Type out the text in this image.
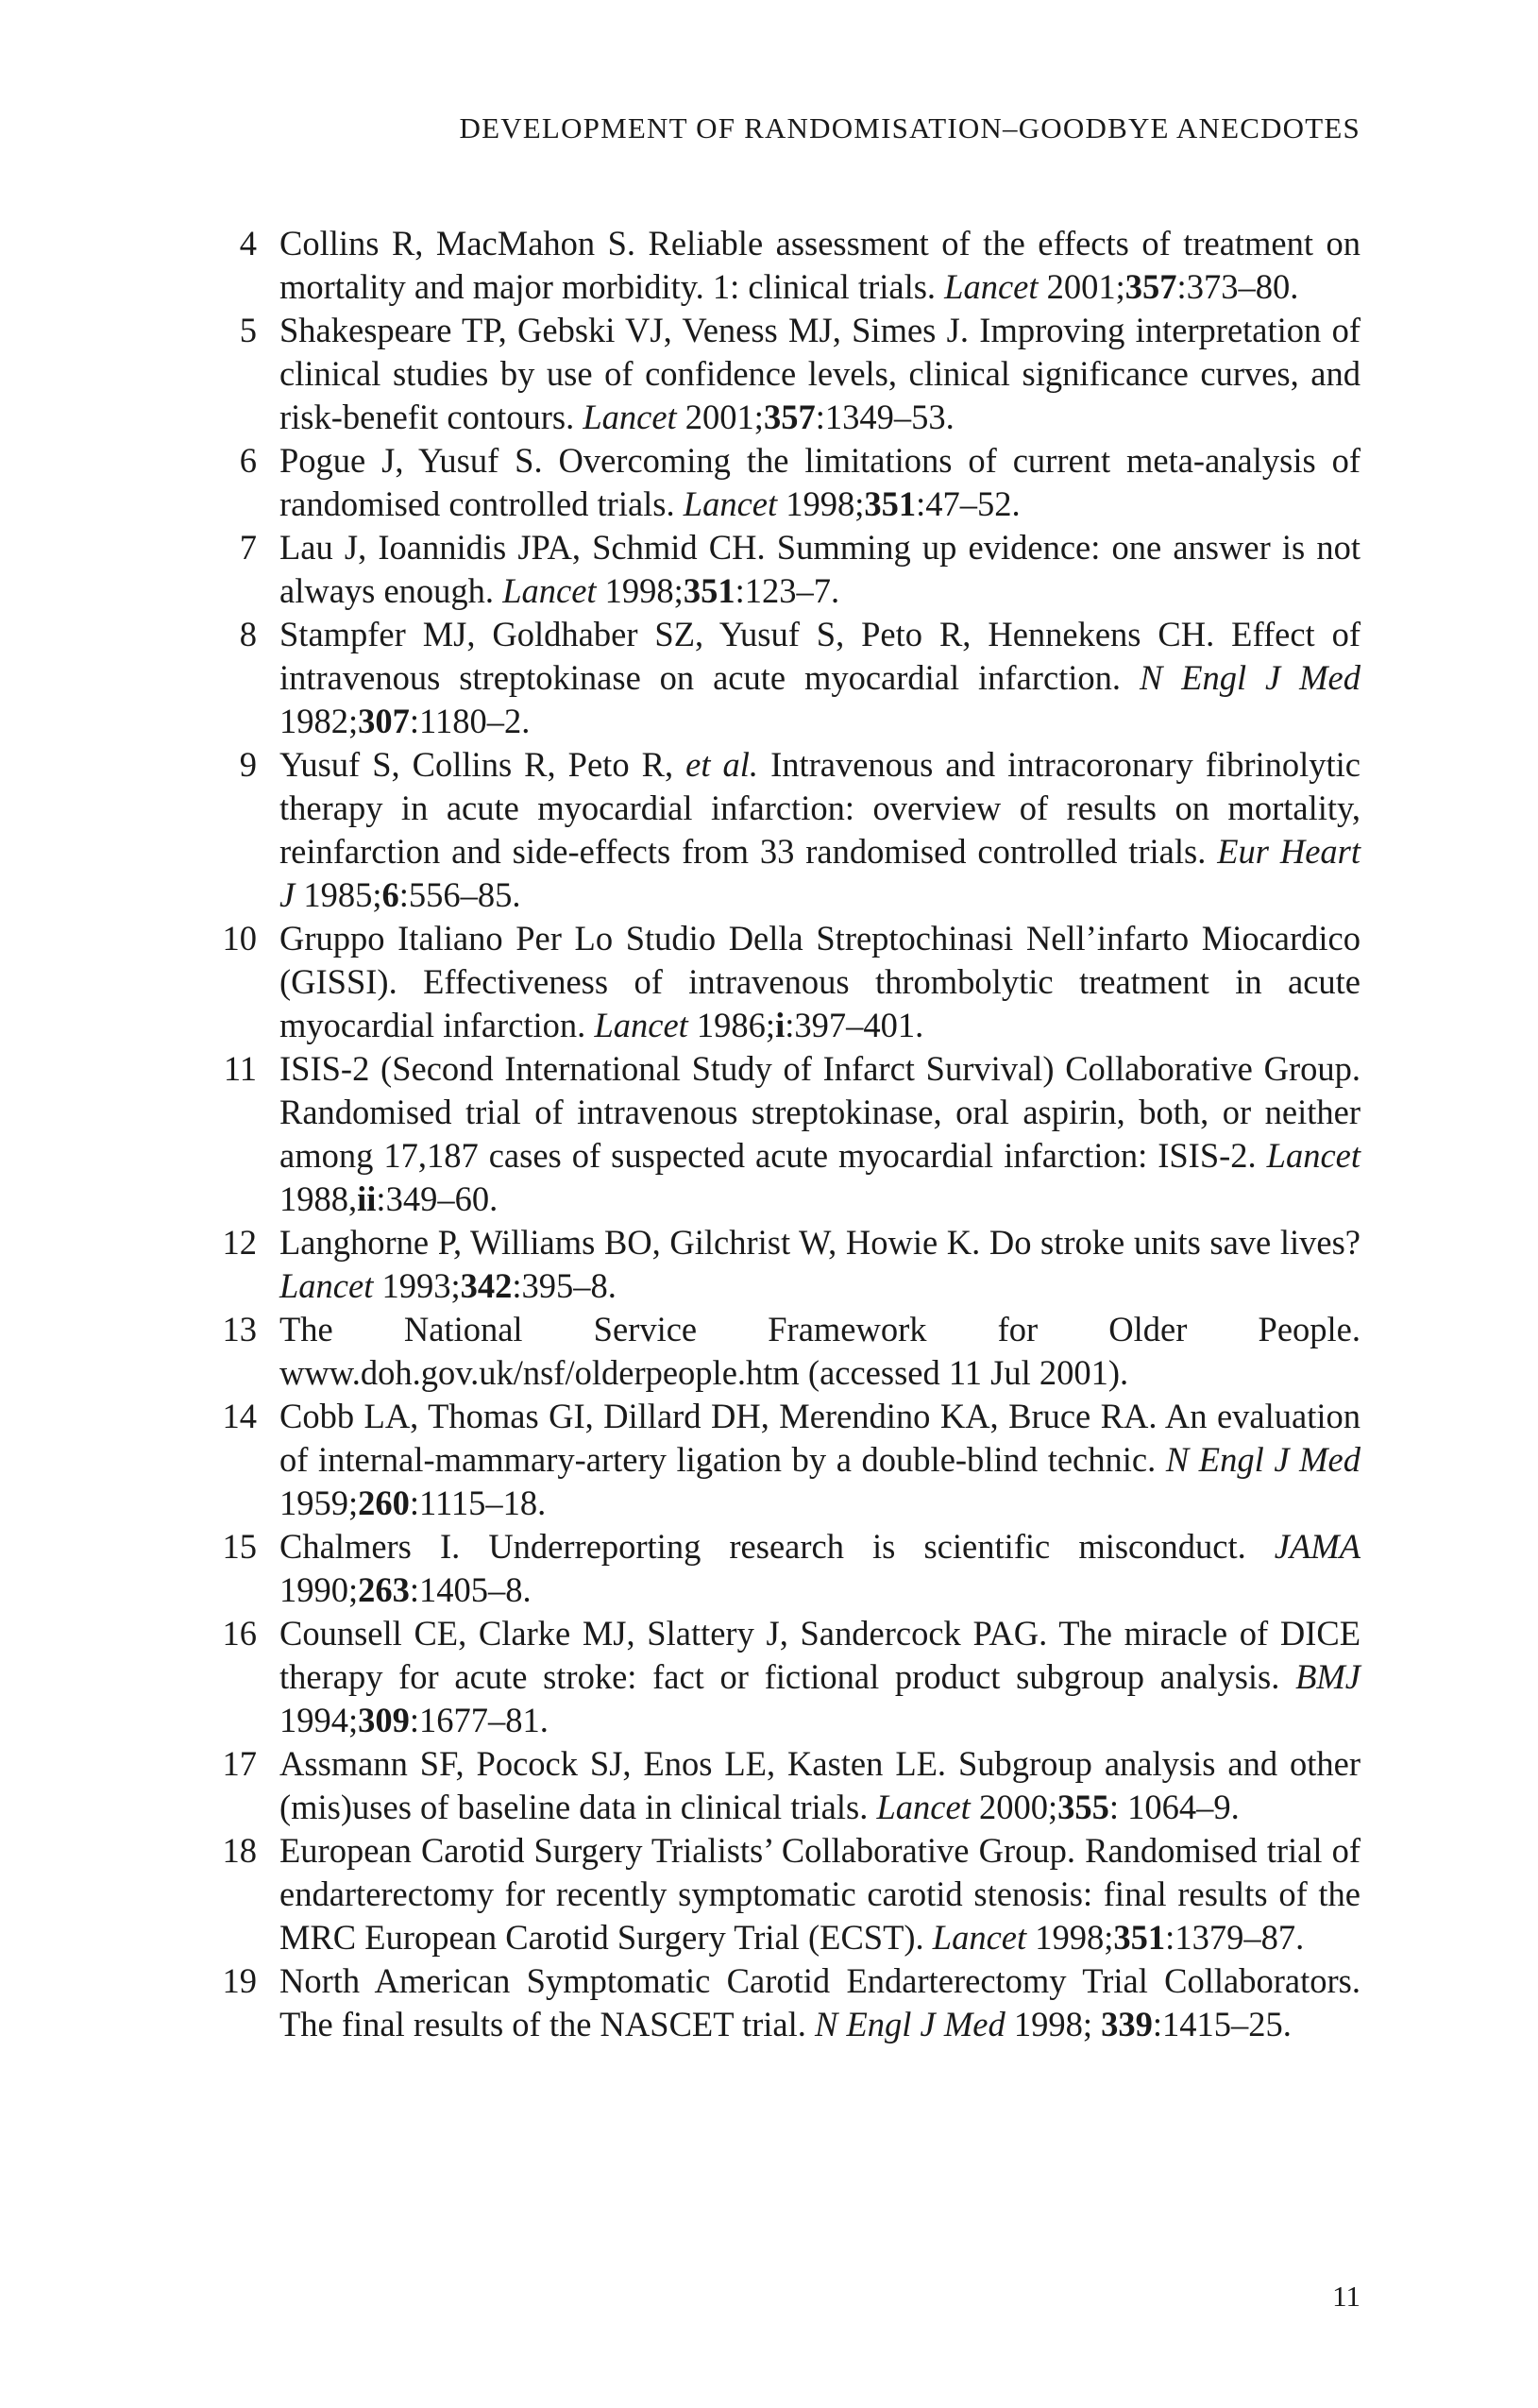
DEVELOPMENT OF RANDOMISATION–GOODBYE ANECDOTES
4 Collins R, MacMahon S. Reliable assessment of the effects of treatment on mortality and major morbidity. 1: clinical trials. Lancet 2001;357:373–80.
5 Shakespeare TP, Gebski VJ, Veness MJ, Simes J. Improving interpretation of clinical studies by use of confidence levels, clinical significance curves, and risk-benefit contours. Lancet 2001;357:1349–53.
6 Pogue J, Yusuf S. Overcoming the limitations of current meta-analysis of randomised controlled trials. Lancet 1998;351:47–52.
7 Lau J, Ioannidis JPA, Schmid CH. Summing up evidence: one answer is not always enough. Lancet 1998;351:123–7.
8 Stampfer MJ, Goldhaber SZ, Yusuf S, Peto R, Hennekens CH. Effect of intravenous streptokinase on acute myocardial infarction. N Engl J Med 1982;307:1180–2.
9 Yusuf S, Collins R, Peto R, et al. Intravenous and intracoronary fibrinolytic therapy in acute myocardial infarction: overview of results on mortality, reinfarction and side-effects from 33 randomised controlled trials. Eur Heart J 1985;6:556–85.
10 Gruppo Italiano Per Lo Studio Della Streptochinasi Nell’infarto Miocardico (GISSI). Effectiveness of intravenous thrombolytic treatment in acute myocardial infarction. Lancet 1986;i:397–401.
11 ISIS-2 (Second International Study of Infarct Survival) Collaborative Group. Randomised trial of intravenous streptokinase, oral aspirin, both, or neither among 17,187 cases of suspected acute myocardial infarction: ISIS-2. Lancet 1988,ii:349–60.
12 Langhorne P, Williams BO, Gilchrist W, Howie K. Do stroke units save lives? Lancet 1993;342:395–8.
13 The National Service Framework for Older People. www.doh.gov.uk/nsf/olderpeople.htm (accessed 11 Jul 2001).
14 Cobb LA, Thomas GI, Dillard DH, Merendino KA, Bruce RA. An evaluation of internal-mammary-artery ligation by a double-blind technic. N Engl J Med 1959;260:1115–18.
15 Chalmers I. Underreporting research is scientific misconduct. JAMA 1990;263:1405–8.
16 Counsell CE, Clarke MJ, Slattery J, Sandercock PAG. The miracle of DICE therapy for acute stroke: fact or fictional product subgroup analysis. BMJ 1994;309:1677–81.
17 Assmann SF, Pocock SJ, Enos LE, Kasten LE. Subgroup analysis and other (mis)uses of baseline data in clinical trials. Lancet 2000;355: 1064–9.
18 European Carotid Surgery Trialists’ Collaborative Group. Randomised trial of endarterectomy for recently symptomatic carotid stenosis: final results of the MRC European Carotid Surgery Trial (ECST). Lancet 1998;351:1379–87.
19 North American Symptomatic Carotid Endarterectomy Trial Collaborators. The final results of the NASCET trial. N Engl J Med 1998; 339:1415–25.
11
